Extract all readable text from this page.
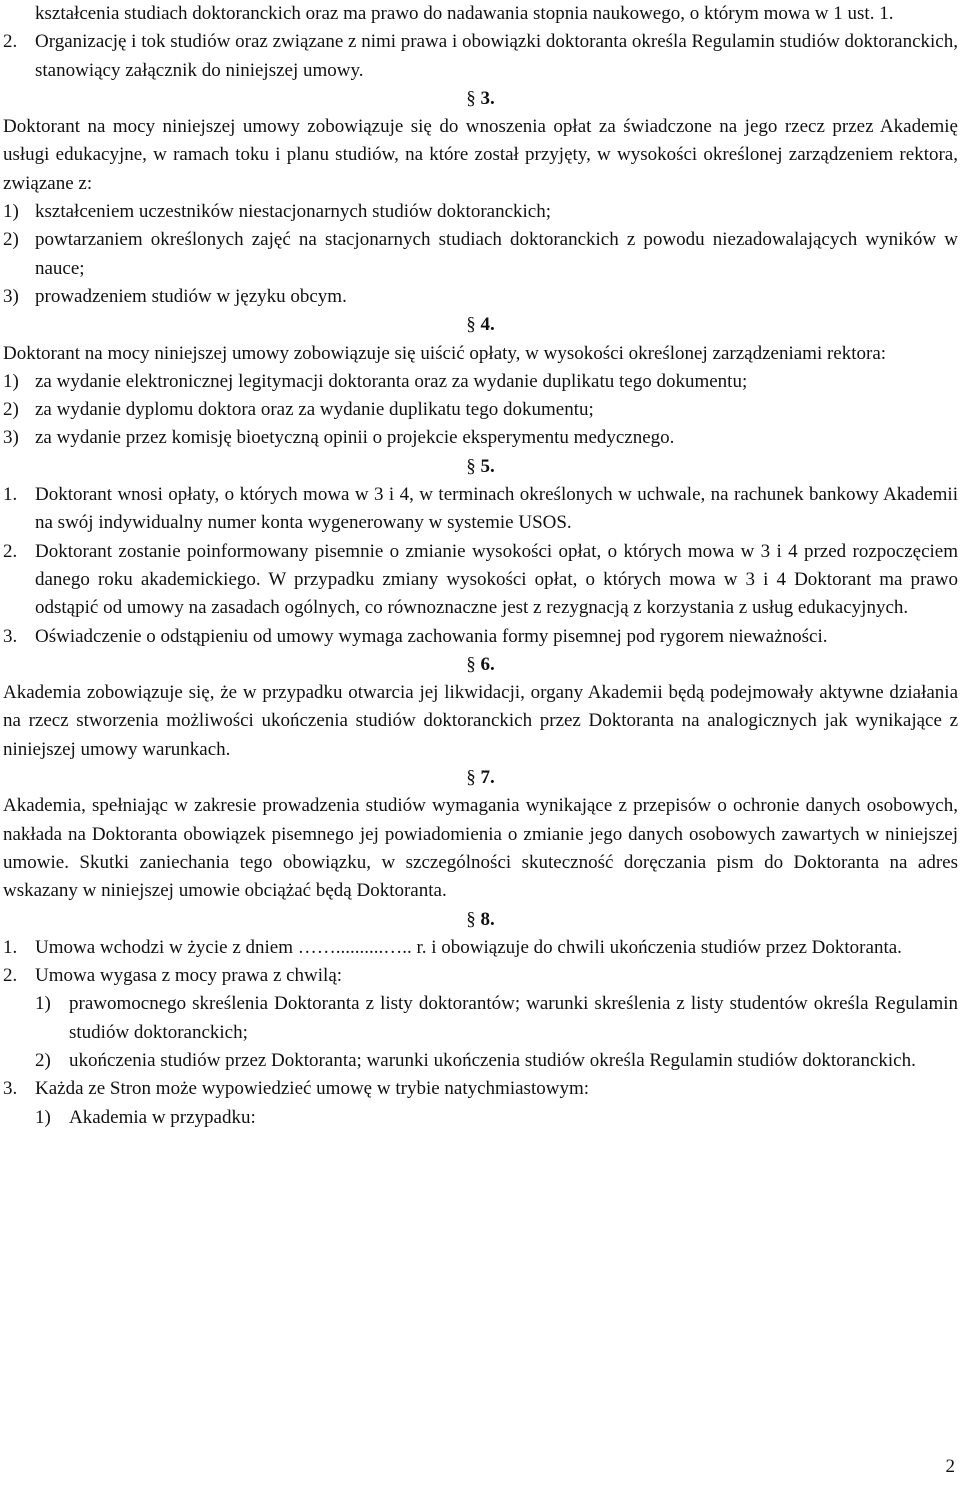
kształcenia studiach doktoranckich oraz ma prawo do nadawania stopnia naukowego, o którym mowa w 1 ust. 1.
2. Organizację i tok studiów oraz związane z nimi prawa i obowiązki doktoranta określa Regulamin studiów doktoranckich, stanowiący załącznik do niniejszej umowy.
§ 3.
Doktorant na mocy niniejszej umowy zobowiązuje się do wnoszenia opłat za świadczone na jego rzecz przez Akademię usługi edukacyjne, w ramach toku i planu studiów, na które został przyjęty, w wysokości określonej zarządzeniem rektora, związane z:
1) kształceniem uczestników niestacjonarnych studiów doktoranckich;
2) powtarzaniem określonych zajęć na stacjonarnych studiach doktoranckich z powodu niezadowalających wyników w nauce;
3) prowadzeniem studiów w języku obcym.
§ 4.
Doktorant na mocy niniejszej umowy zobowiązuje się uiścić opłaty, w wysokości określonej zarządzeniami rektora:
1) za wydanie elektronicznej legitymacji doktoranta oraz za wydanie duplikatu tego dokumentu;
2) za wydanie dyplomu doktora oraz za wydanie duplikatu tego dokumentu;
3) za wydanie przez komisję bioetyczną opinii o projekcie eksperymentu medycznego.
§ 5.
1. Doktorant wnosi opłaty, o których mowa w 3 i 4, w terminach określonych w uchwale, na rachunek bankowy Akademii na swój indywidualny numer konta wygenerowany w systemie USOS.
2. Doktorant zostanie poinformowany pisemnie o zmianie wysokości opłat, o których mowa w 3 i 4 przed rozpoczęciem danego roku akademickiego. W przypadku zmiany wysokości opłat, o których mowa w 3 i 4 Doktorant ma prawo odstąpić od umowy na zasadach ogólnych, co równoznaczne jest z rezygnacją z korzystania z usług edukacyjnych.
3. Oświadczenie o odstąpieniu od umowy wymaga zachowania formy pisemnej pod rygorem nieważności.
§ 6.
Akademia zobowiązuje się, że w przypadku otwarcia jej likwidacji, organy Akademii będą podejmowały aktywne działania na rzecz stworzenia możliwości ukończenia studiów doktoranckich przez Doktoranta na analogicznych jak wynikające z niniejszej umowy warunkach.
§ 7.
Akademia, spełniając w zakresie prowadzenia studiów wymagania wynikające z przepisów o ochronie danych osobowych, nakłada na Doktoranta obowiązek pisemnego jej powiadomienia o zmianie jego danych osobowych zawartych w niniejszej umowie. Skutki zaniechania tego obowiązku, w szczególności skuteczność doręczania pism do Doktoranta na adres wskazany w niniejszej umowie obciążać będą Doktoranta.
§ 8.
1. Umowa wchodzi w życie z dniem ……..........….. r. i obowiązuje do chwili ukończenia studiów przez Doktoranta.
2. Umowa wygasa z mocy prawa z chwilą:
1) prawomocnego skreślenia Doktoranta z listy doktorantów; warunki skreślenia z listy studentów określa Regulamin studiów doktoranckich;
2) ukończenia studiów przez Doktoranta; warunki ukończenia studiów określa Regulamin studiów doktoranckich.
3. Każda ze Stron może wypowiedzieć umowę w trybie natychmiastowym:
1) Akademia w przypadku:
2
